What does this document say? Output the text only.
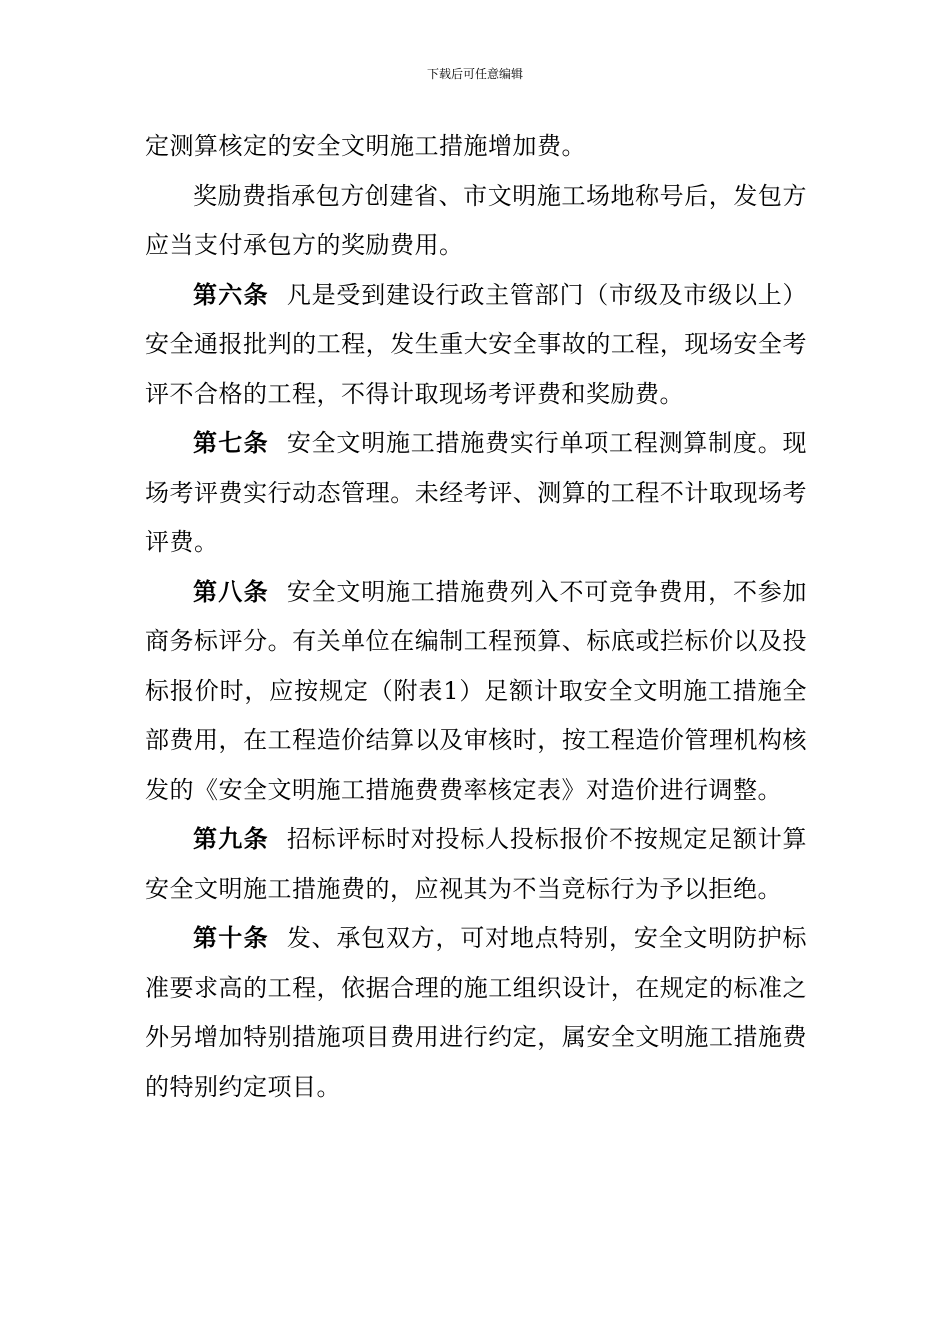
下载后可任意编辑

定测算核定的安全文明施工措施增加费。

奖励费指承包方创建省、市文明施工场地称号后，发包方应当支付承包方的奖励费用。

第六条 凡是受到建设行政主管部门（市级及市级以上）安全通报批判的工程，发生重大安全事故的工程，现场安全考评不合格的工程，不得计取现场考评费和奖励费。

第七条 安全文明施工措施费实行单项工程测算制度。现场考评费实行动态管理。未经考评、测算的工程不计取现场考评费。

第八条 安全文明施工措施费列入不可竞争费用，不参加商务标评分。有关单位在编制工程预算、标底或拦标价以及投标报价时，应按规定（附表1）足额计取安全文明施工措施全部费用，在工程造价结算以及审核时，按工程造价管理机构核发的《安全文明施工措施费费率核定表》对造价进行调整。

第九条 招标评标时对投标人投标报价不按规定足额计算安全文明施工措施费的，应视其为不当竞标行为予以拒绝。

第十条 发、承包双方，可对地点特别，安全文明防护标准要求高的工程，依据合理的施工组织设计，在规定的标准之外另增加特别措施项目费用进行约定，属安全文明施工措施费的特别约定项目。
